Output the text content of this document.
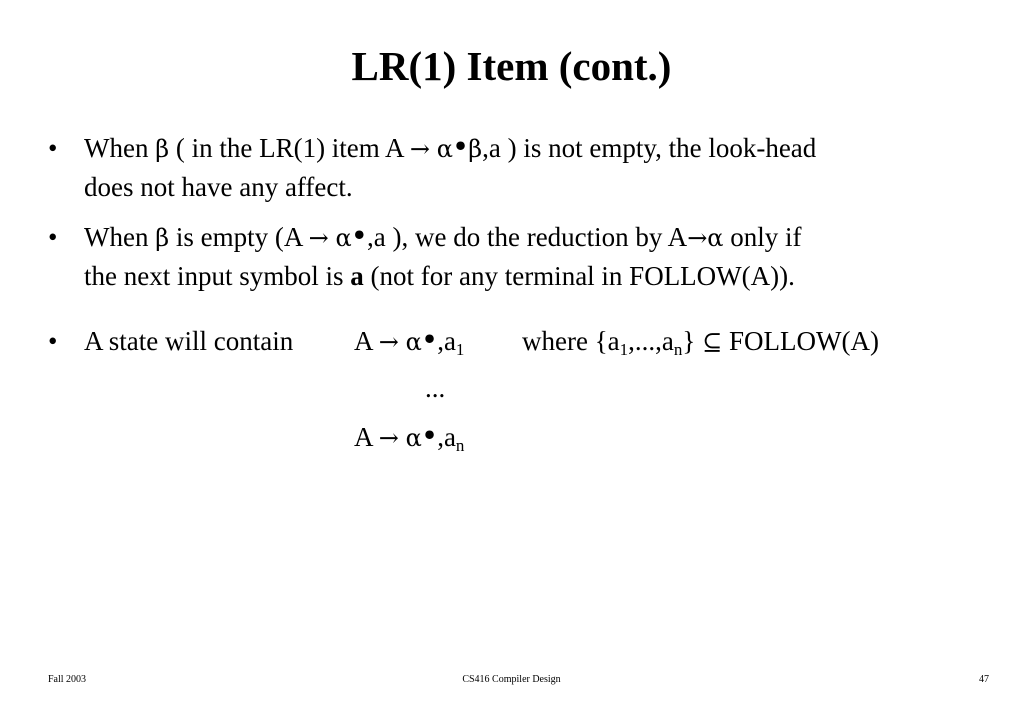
LR(1) Item (cont.)
• When β ( in the LR(1) item A → α•β,a ) is not empty, the look-head
does not have any affect.
• When β is empty (A → α•,a ), we do the reduction by A→α only if
the next input symbol is a (not for any terminal in FOLLOW(A)).
• A state will contain $A \to \alpha•,a_1$ where $\{a_1,...,a_n\}$ ⊆ FOLLOW(A)
...
$A \to \alpha•,a_n$
Fall 2003	CS416 Compiler Design	47
